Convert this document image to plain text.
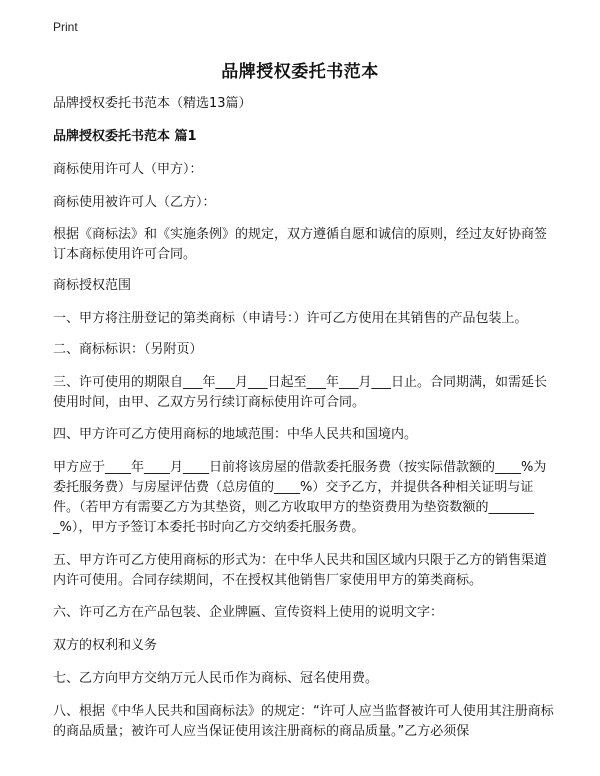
Print
品牌授权委托书范本

品牌授权委托书范本（精选13篇）

品牌授权委托书范本 篇1

商标使用许可人（甲方）：

商标使用被许可人（乙方）：

根据《商标法》和《实施条例》的规定，双方遵循自愿和诚信的原则，经过友好协商签订本商标使用许可合同。

商标授权范围

一、甲方将注册登记的第类商标（申请号：）许可乙方使用在其销售的产品包装上。

二、商标标识：（另附页）

三、许可使用的期限自___年___月___日起至___年___月___日止。合同期满，如需延长使用时间，由甲、乙双方另行续订商标使用许可合同。

四、甲方许可乙方使用商标的地域范围：中华人民共和国境内。

甲方应于____年____月____日前将该房屋的借款委托服务费（按实际借款额的____%为委托服务费）与房屋评估费（总房值的____%）交予乙方，并提供各种相关证明与证件。（若甲方有需要乙方为其垫资，则乙方收取甲方的垫资费用为垫资数额的________%），甲方予签订本委托书时向乙方交纳委托服务费。

五、甲方许可乙方使用商标的形式为：在中华人民共和国区域内只限于乙方的销售渠道内许可使用。合同存续期间，不在授权其他销售厂家使用甲方的第类商标。

六、许可乙方在产品包装、企业牌匾、宣传资料上使用的说明文字：

双方的权利和义务

七、乙方向甲方交纳万元人民币作为商标、冠名使用费。

八、根据《中华人民共和国商标法》的规定：“许可人应当监督被许可人使用其注册商标的商品质量；被许可人应当保证使用该注册商标的商品质量。”乙方必须保
